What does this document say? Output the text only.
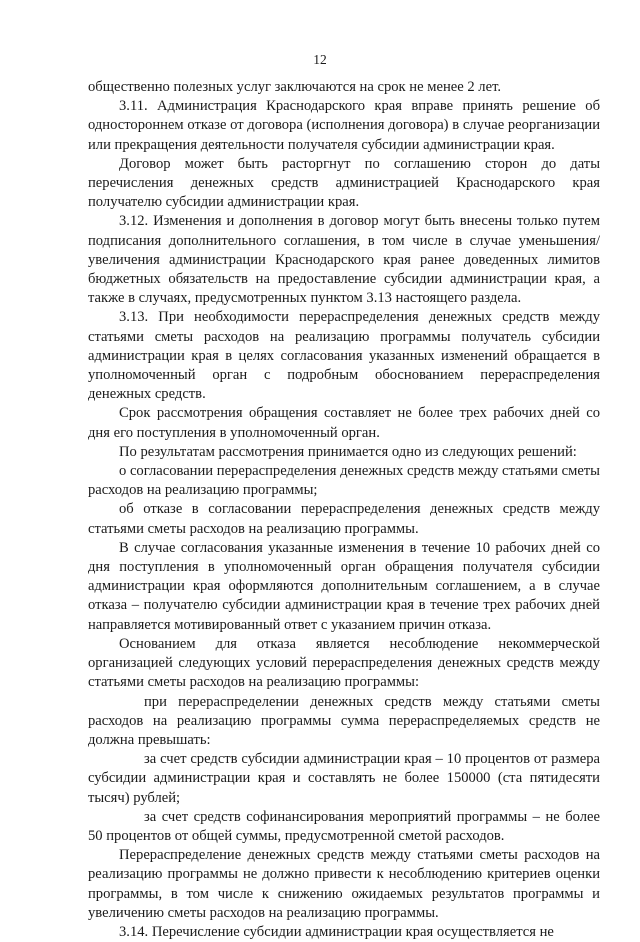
12

общественно полезных услуг заключаются на срок не менее 2 лет.

3.11. Администрация Краснодарского края вправе принять решение об одностороннем отказе от договора (исполнения договора) в случае реорганизации или прекращения деятельности получателя субсидии администрации края.

Договор может быть расторгнут по соглашению сторон до даты перечисления денежных средств администрацией Краснодарского края получателю субсидии администрации края.

3.12. Изменения и дополнения в договор могут быть внесены только путем подписания дополнительного соглашения, в том числе в случае уменьшения/увеличения администрации Краснодарского края ранее доведенных лимитов бюджетных обязательств на предоставление субсидии администрации края, а также в случаях, предусмотренных пунктом 3.13 настоящего раздела.

3.13. При необходимости перераспределения денежных средств между статьями сметы расходов на реализацию программы получатель субсидии администрации края в целях согласования указанных изменений обращается в уполномоченный орган с подробным обоснованием перераспределения денежных средств.

Срок рассмотрения обращения составляет не более трех рабочих дней со дня его поступления в уполномоченный орган.

По результатам рассмотрения принимается одно из следующих решений:

о согласовании перераспределения денежных средств между статьями сметы расходов на реализацию программы;

об отказе в согласовании перераспределения денежных средств между статьями сметы расходов на реализацию программы.

В случае согласования указанные изменения в течение 10 рабочих дней со дня поступления в уполномоченный орган обращения получателя субсидии администрации края оформляются дополнительным соглашением, а в случае отказа – получателю субсидии администрации края в течение трех рабочих дней направляется мотивированный ответ с указанием причин отказа.

Основанием для отказа является несоблюдение некоммерческой организацией следующих условий перераспределения денежных средств между статьями сметы расходов на реализацию программы:

при перераспределении денежных средств между статьями сметы расходов на реализацию программы сумма перераспределяемых средств не должна превышать:

за счет средств субсидии администрации края – 10 процентов от размера субсидии администрации края и составлять не более 150000 (ста пятидесяти тысяч) рублей;

за счет средств софинансирования мероприятий программы – не более 50 процентов от общей суммы, предусмотренной сметой расходов.

Перераспределение денежных средств между статьями сметы расходов на реализацию программы не должно привести к несоблюдению критериев оценки программы, в том числе к снижению ожидаемых результатов программы и увеличению сметы расходов на реализацию программы.

3.14. Перечисление субсидии администрации края осуществляется не
